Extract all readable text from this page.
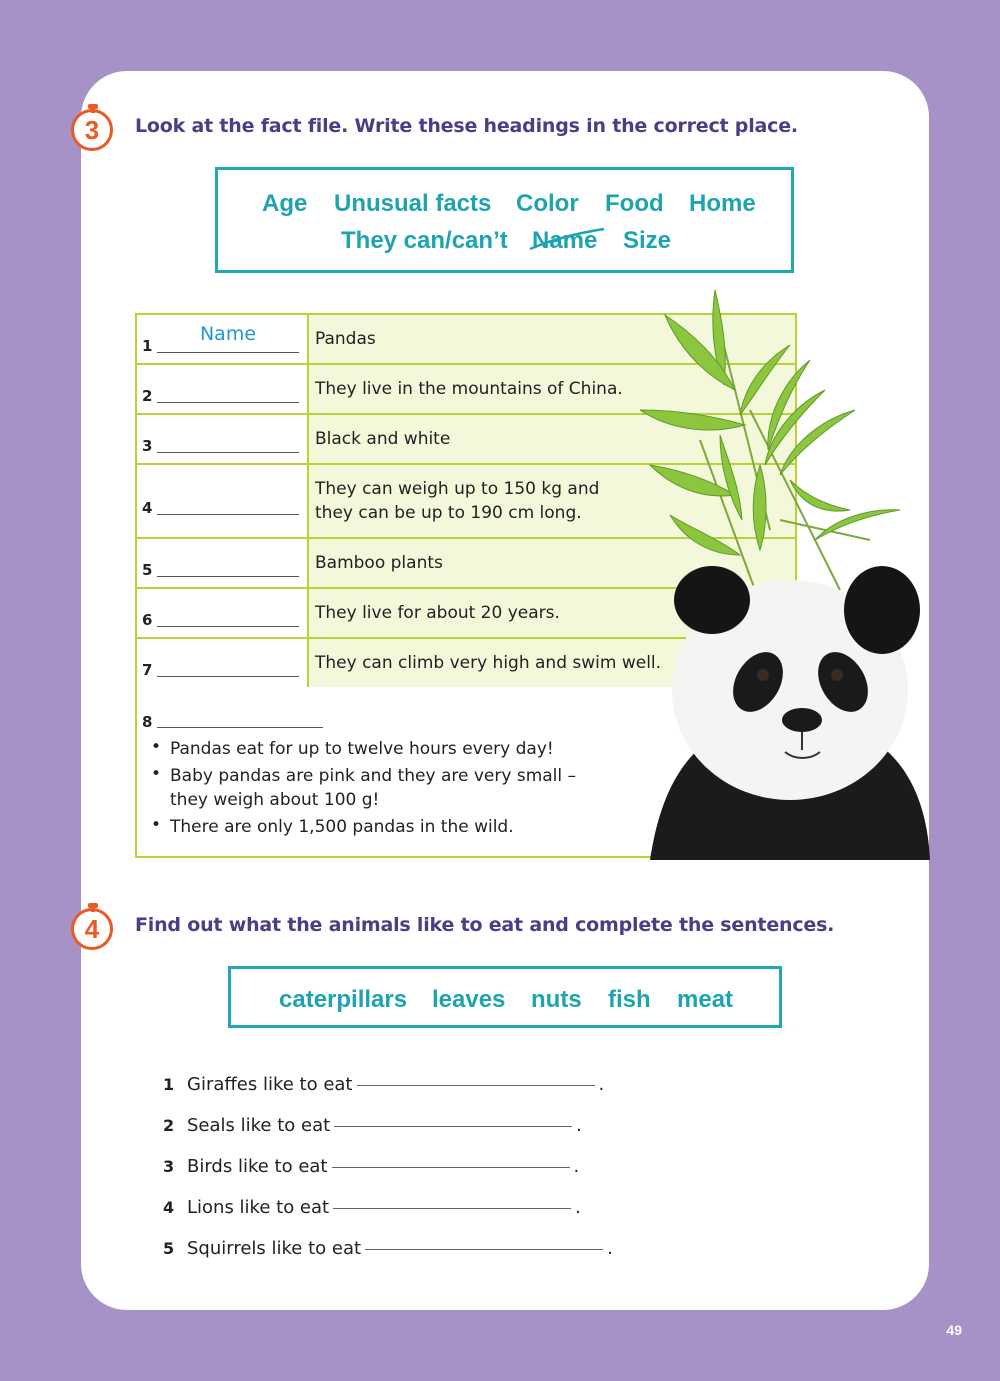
3	Look at the fact file. Write these headings in the correct place.
Age Unusual facts Color Food Home
They can/can’t Name Size
1
Name	Pandas

2	They live in the mountains of China.

3	Black and white

4	They can weigh up to 150 kg and
they can be up to 190 cm long.

5	Bamboo plants

6	They live for about 20 years.

7	They can climb very high and swim well.
8
• Pandas eat for up to twelve hours every day!
• Baby pandas are pink and they are very small –
they weigh about 100 g!
• There are only 1,500 pandas in the wild.
4	Find out what the animals like to eat and complete the sentences.
caterpillars leaves nuts fish meat
1 Giraffes like to eat	.
2 Seals like to eat	.
3 Birds like to eat	.
4 Lions like to eat	.
5 Squirrels like to eat	.
49
